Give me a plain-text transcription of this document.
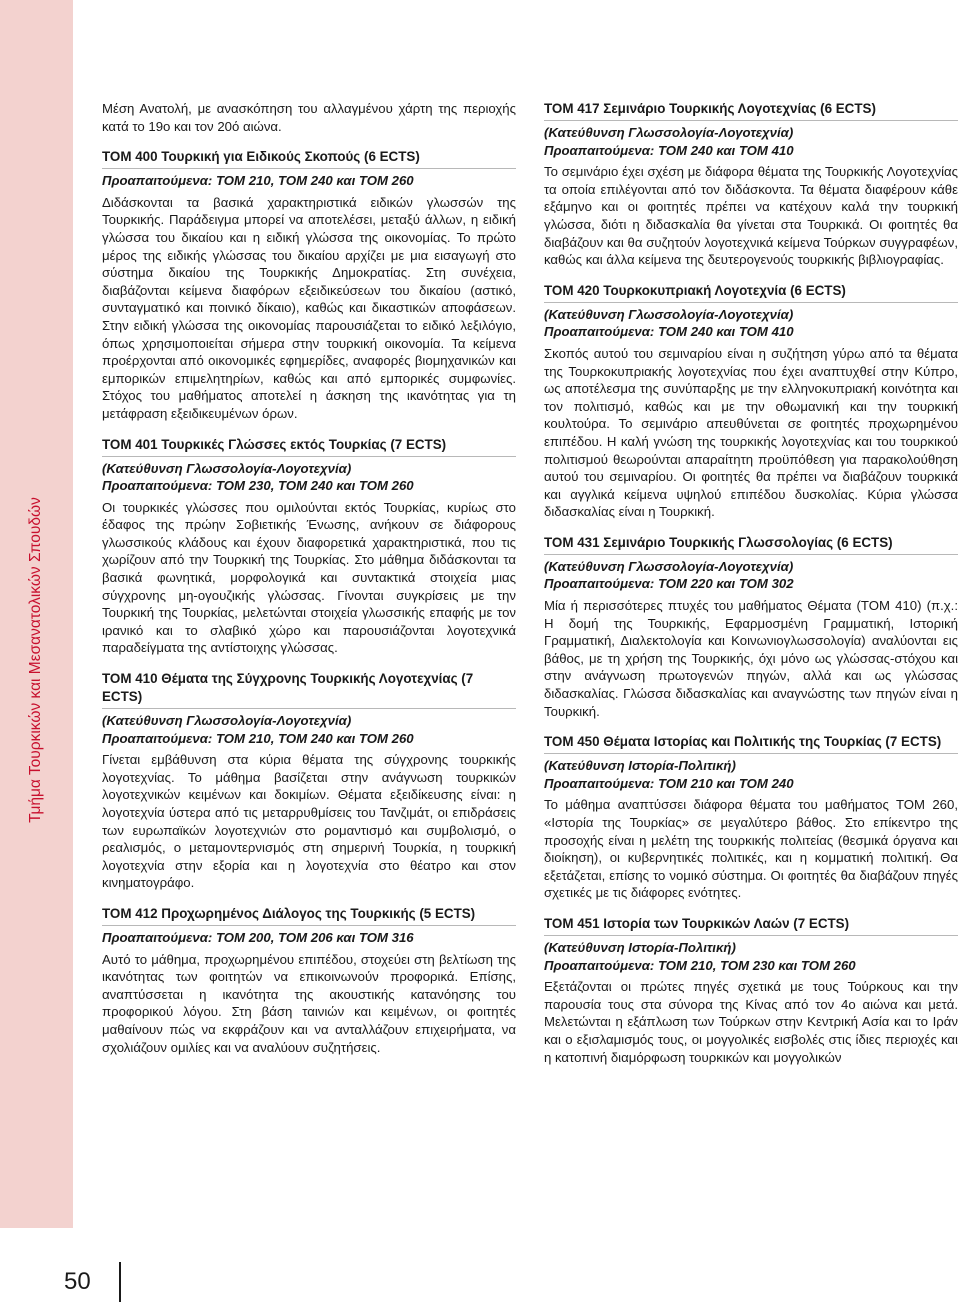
Τμήμα Τουρκικών και Μεσανατολικών Σπουδών
50

Μέση Ανατολή, με ανασκόπηση του αλλαγμένου χάρτη της περιοχής κατά το 19ο και τον 20ό αιώνα.

ΤΟΜ 400 Τουρκική για Ειδικούς Σκοπούς (6 ECTS)
Προαπαιτούμενα: ΤΟΜ 210, ΤΟΜ 240 και ΤΟΜ 260

Διδάσκονται τα βασικά χαρακτηριστικά ειδικών γλωσσών της Τουρκικής. Παράδειγμα μπορεί να αποτελέσει, μεταξύ άλλων, η ειδική γλώσσα του δικαίου και η ειδική γλώσσα της οικονομίας. Το πρώτο μέρος της ειδικής γλώσσας του δικαίου αρχίζει με μια εισαγωγή στο σύστημα δικαίου της Τουρκικής Δημοκρατίας. Στη συνέχεια, διαβάζονται κείμενα διαφόρων εξειδικεύσεων του δικαίου (αστικό, συνταγματικό και ποινικό δίκαιο), καθώς και δικαστικών αποφάσεων. Στην ειδική γλώσσα της οικονομίας παρουσιάζεται το ειδικό λεξιλόγιο, όπως χρησιμοποιείται σήμερα στην τουρκική οικονομία. Τα κείμενα προέρχονται από οικονομικές εφημερίδες, αναφορές βιομηχανικών και εμπορικών επιμελητηρίων, καθώς και από εμπορικές συμφωνίες. Στόχος του μαθήματος αποτελεί η άσκηση της ικανότητας για τη μετάφραση εξειδικευμένων όρων.

ΤΟΜ 401 Τουρκικές Γλώσσες εκτός Τουρκίας (7 ECTS)
(Κατεύθυνση Γλωσσολογία-Λογοτεχνία)
Προαπαιτούμενα: ΤΟΜ 230, ΤΟΜ 240 και ΤΟΜ 260

Οι τουρκικές γλώσσες που ομιλούνται εκτός Τουρκίας, κυρίως στο έδαφος της πρώην Σοβιετικής Ένωσης, ανήκουν σε διάφορους γλωσσικούς κλάδους και έχουν διαφορετικά χαρακτηριστικά, που τις χωρίζουν από την Τουρκική της Τουρκίας. Στο μάθημα διδάσκονται τα βασικά φωνητικά, μορφολογικά και συντακτικά στοιχεία μιας σύγχρονης μη-ογουζικής γλώσσας. Γίνονται συγκρίσεις με την Τουρκική της Τουρκίας, μελετώνται στοιχεία γλωσσικής επαφής με τον ιρανικό και το σλαβικό χώρο και παρουσιάζονται λογοτεχνικά παραδείγματα της αντίστοιχης γλώσσας.

ΤΟΜ 410 Θέματα της Σύγχρονης Τουρκικής Λογοτεχνίας (7 ECTS)
(Κατεύθυνση Γλωσσολογία-Λογοτεχνία)
Προαπαιτούμενα: ΤΟΜ 210, ΤΟΜ 240 και ΤΟΜ 260

Γίνεται εμβάθυνση στα κύρια θέματα της σύγχρονης τουρκικής λογοτεχνίας. Το μάθημα βασίζεται στην ανάγνωση τουρκικών λογοτεχνικών κειμένων και δοκιμίων. Θέματα εξειδίκευσης είναι: η λογοτεχνία ύστερα από τις μεταρρυθμίσεις του Τανζιμάτ, οι επιδράσεις των ευρωπαϊκών λογοτεχνιών στο ρομαντισμό και συμβολισμό, ο ρεαλισμός, ο μεταμοντερνισμός στη σημερινή Τουρκία, η τουρκική λογοτεχνία στην εξορία και η λογοτεχνία στο θέατρο και στον κινηματογράφο.

ΤΟΜ 412 Προχωρημένος Διάλογος της Τουρκικής (5 ECTS)
Προαπαιτούμενα: ΤΟΜ 200, ΤΟΜ 206 και ΤΟΜ 316

Αυτό το μάθημα, προχωρημένου επιπέδου, στοχεύει στη βελτίωση της ικανότητας των φοιτητών να επικοινωνούν προφορικά. Επίσης, αναπτύσσεται η ικανότητα της ακουστικής κατανόησης του προφορικού λόγου. Στη βάση ταινιών και κειμένων, οι φοιτητές μαθαίνουν πώς να εκφράζουν και να ανταλλάζουν επιχειρήματα, να σχολιάζουν ομιλίες και να αναλύουν συζητήσεις.

ΤΟΜ 417 Σεμινάριο Τουρκικής Λογοτεχνίας (6 ECTS)
(Κατεύθυνση Γλωσσολογία-Λογοτεχνία)
Προαπαιτούμενα: ΤΟΜ 240 και ΤΟΜ 410

Το σεμινάριο έχει σχέση με διάφορα θέματα της Τουρκικής Λογοτεχνίας τα οποία επιλέγονται από τον διδάσκοντα. Τα θέματα διαφέρουν κάθε εξάμηνο και οι φοιτητές πρέπει να κατέχουν καλά την τουρκική γλώσσα, διότι η διδασκαλία θα γίνεται στα Τουρκικά. Οι φοιτητές θα διαβάζουν και θα συζητούν λογοτεχνικά κείμενα Τούρκων συγγραφέων, καθώς και άλλα κείμενα της δευτερογενούς τουρκικής βιβλιογραφίας.

ΤΟΜ 420 Τουρκοκυπριακή Λογοτεχνία (6 ECTS)
(Κατεύθυνση Γλωσσολογία-Λογοτεχνία)
Προαπαιτούμενα: ΤΟΜ 240 και ΤΟΜ 410

Σκοπός αυτού του σεμιναρίου είναι η συζήτηση γύρω από τα θέματα της Τουρκοκυπριακής λογοτεχνίας που έχει αναπτυχθεί στην Κύπρο, ως αποτέλεσμα της συνύπαρξης με την ελληνοκυπριακή κοινότητα και τον πολιτισμό, καθώς και με την οθωμανική και την τουρκική κουλτούρα. Το σεμινάριο απευθύνεται σε φοιτητές προχωρημένου επιπέδου. Η καλή γνώση της τουρκικής λογοτεχνίας και του τουρκικού πολιτισμού θεωρούνται απαραίτητη προϋπόθεση για παρακολούθηση αυτού του σεμιναρίου. Οι φοιτητές θα πρέπει να διαβάζουν τουρκικά και αγγλικά κείμενα υψηλού επιπέδου δυσκολίας. Κύρια γλώσσα διδασκαλίας είναι η Τουρκική.

ΤΟΜ 431 Σεμινάριο Τουρκικής Γλωσσολογίας (6 ECTS)
(Κατεύθυνση Γλωσσολογία-Λογοτεχνία)
Προαπαιτούμενα: ΤΟΜ 220 και ΤΟΜ 302

Μία ή περισσότερες πτυχές του μαθήματος Θέματα (ΤΟΜ 410) (π.χ.: Η δομή της Τουρκικής, Εφαρμοσμένη Γραμματική, Ιστορική Γραμματική, Διαλεκτολογία και Κοινωνιογλωσσολογία) αναλύονται εις βάθος, με τη χρήση της Τουρκικής, όχι μόνο ως γλώσσας-στόχου και στην ανάγνωση πρωτογενών πηγών, αλλά και ως γλώσσας διδασκαλίας. Γλώσσα διδασκαλίας και αναγνώστης των πηγών είναι η Τουρκική.

ΤΟΜ 450 Θέματα Ιστορίας και Πολιτικής της Τουρκίας (7 ECTS)
(Κατεύθυνση Ιστορία-Πολιτική)
Προαπαιτούμενα: ΤΟΜ 210 και ΤΟΜ 240

Το μάθημα αναπτύσσει διάφορα θέματα του μαθήματος ΤΟΜ 260, «Ιστορία της Τουρκίας» σε μεγαλύτερο βάθος. Στο επίκεντρο της προσοχής είναι η μελέτη της τουρκικής πολιτείας (θεσμικά όργανα και διοίκηση), οι κυβερνητικές πολιτικές, και η κομματική πολιτική. Θα εξετάζεται, επίσης το νομικό σύστημα. Οι φοιτητές θα διαβάζουν πηγές σχετικές με τις διάφορες ενότητες.

ΤΟΜ 451 Ιστορία των Τουρκικών Λαών (7 ECTS)
(Κατεύθυνση Ιστορία-Πολιτική)
Προαπαιτούμενα: ΤΟΜ 210, ΤΟΜ 230 και ΤΟΜ 260

Εξετάζονται οι πρώτες πηγές σχετικά με τους Τούρκους και την παρουσία τους στα σύνορα της Κίνας από τον 4ο αιώνα και μετά. Μελετώνται η εξάπλωση των Τούρκων στην Κεντρική Ασία και το Ιράν και ο εξισλαμισμός τους, οι μογγολικές εισβολές στις ίδιες περιοχές και η κατοπινή διαμόρφωση τουρκικών και μογγολικών
